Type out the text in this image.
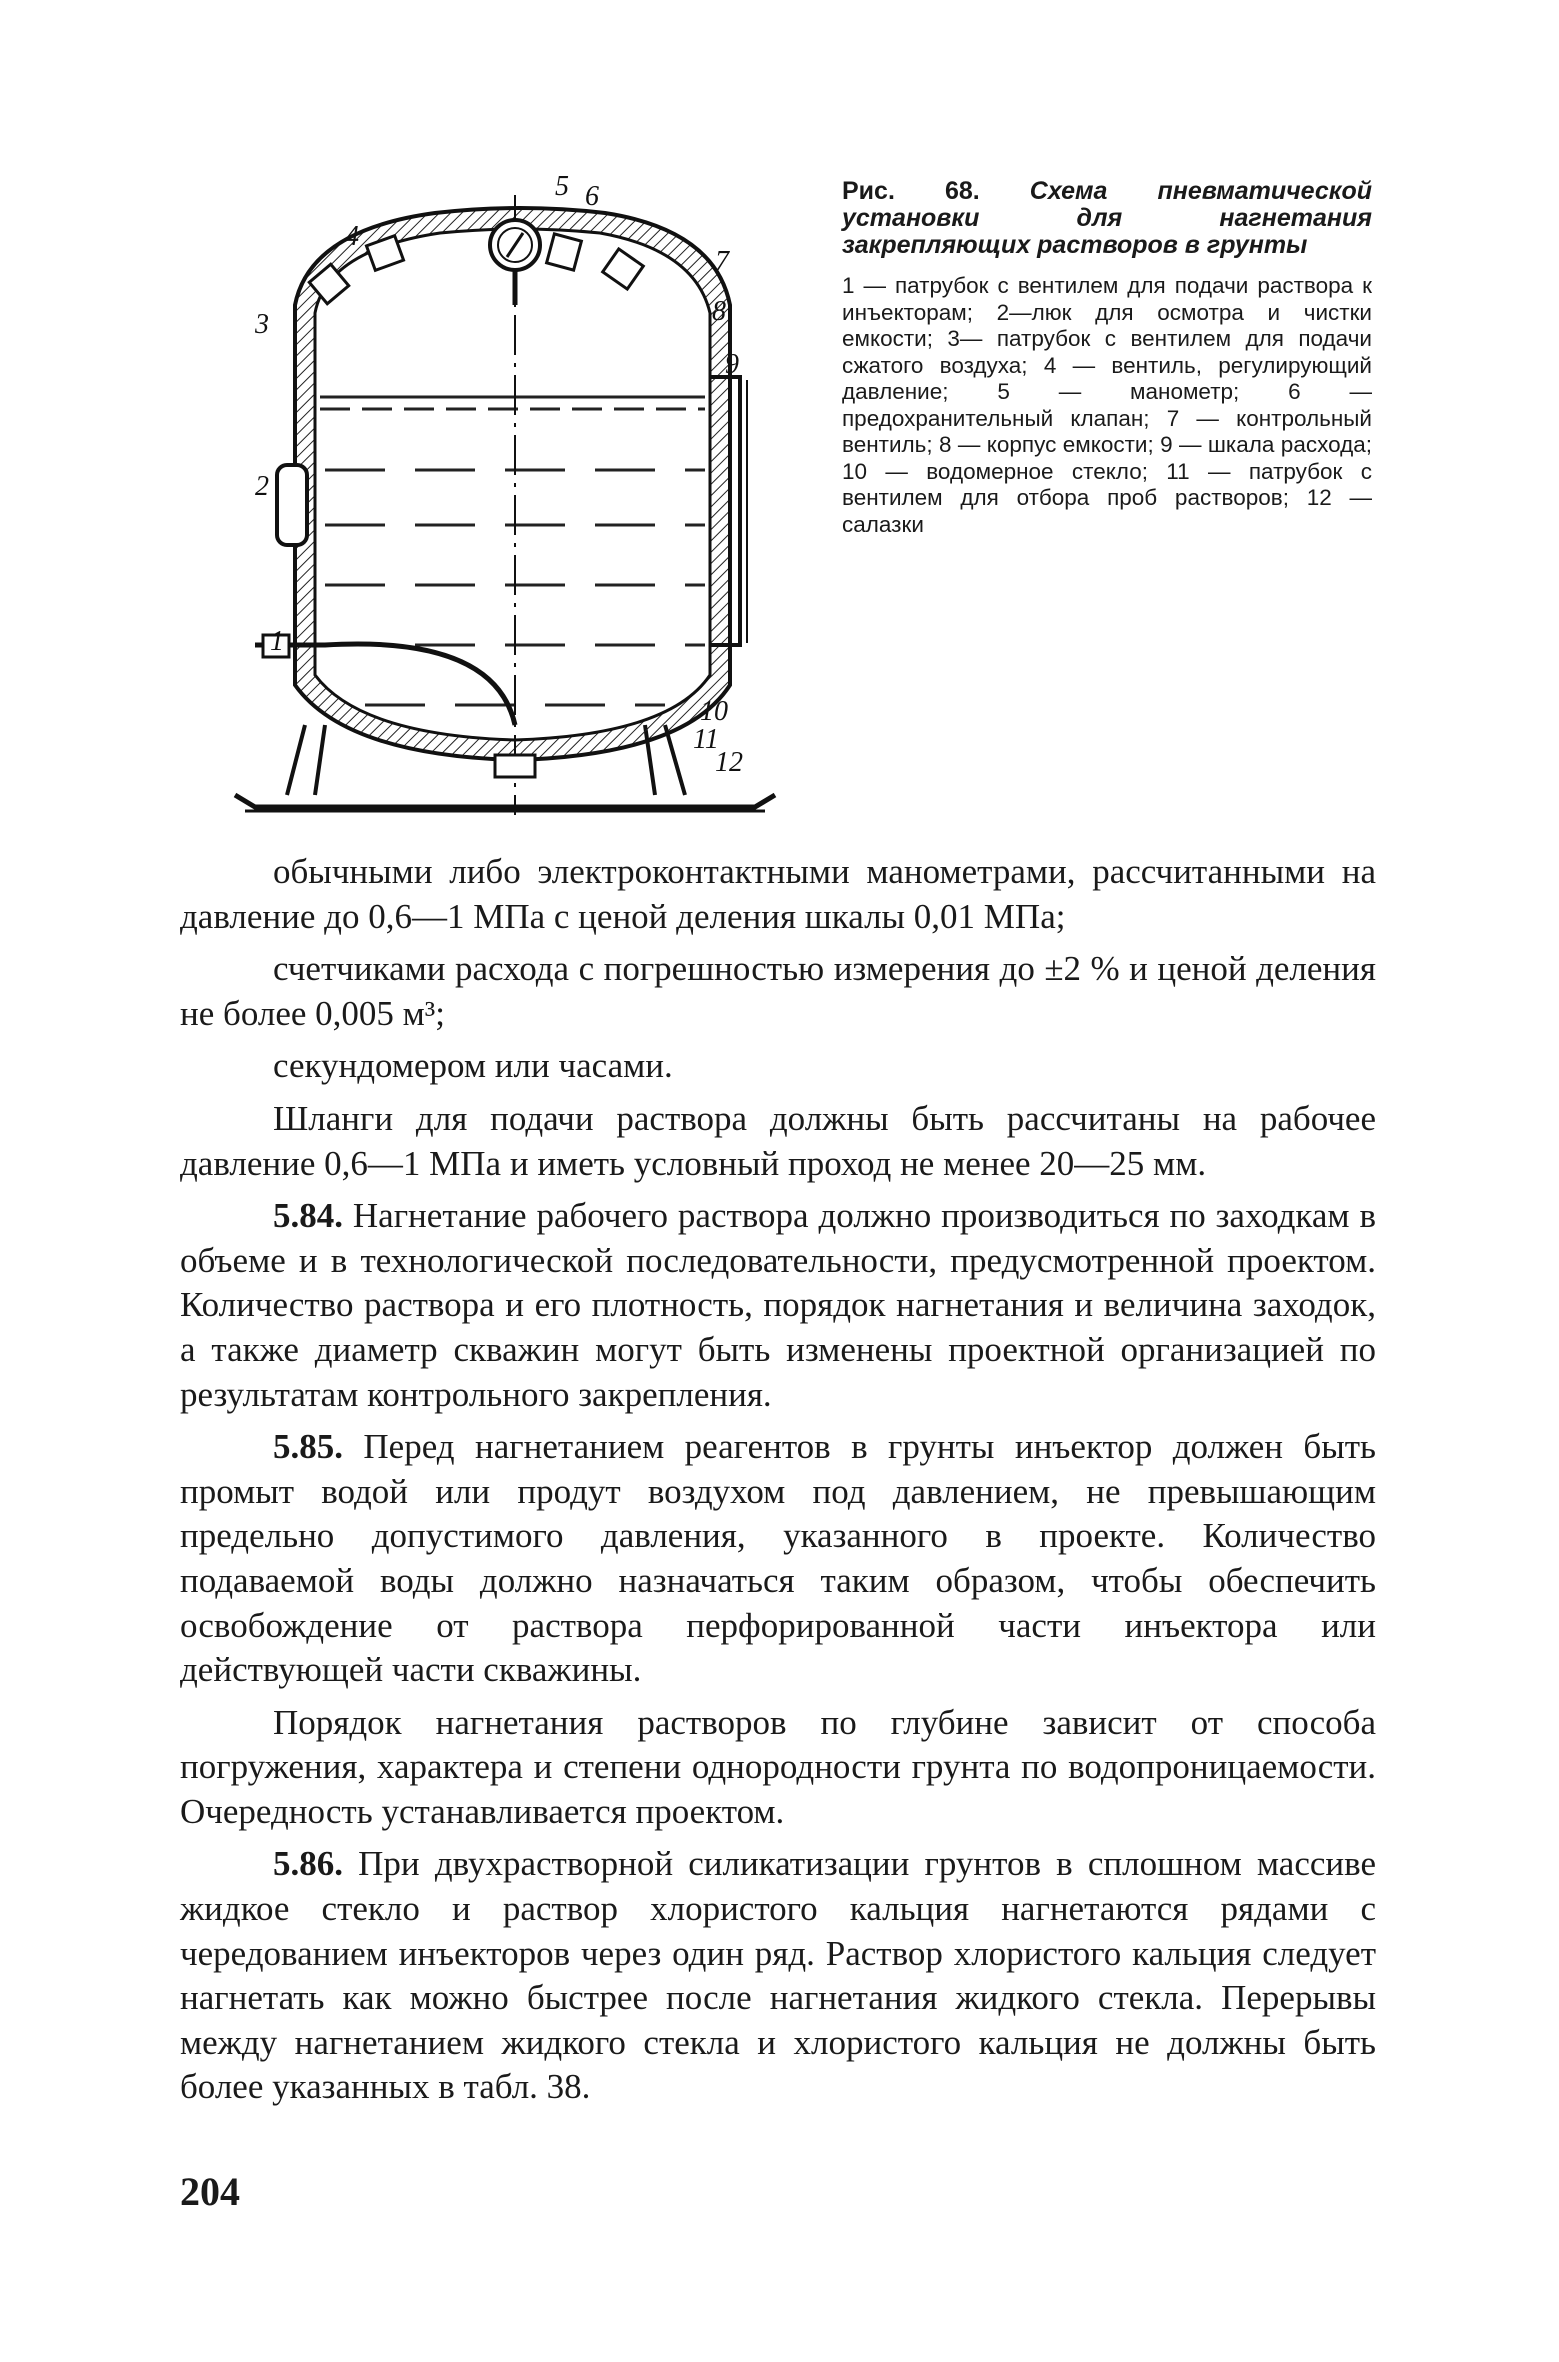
1
2
3
4
5 6
7
8
9
10
11
12

Рис. 68. Схема пневматической установки для нагнетания закрепляющих растворов в грунты

1 — патрубок с вентилем для подачи раствора к инъекторам; 2—люк для осмотра и чистки емкости; 3— патрубок с вентилем для подачи сжатого воздуха; 4 — вентиль, регулирующий давление; 5 — манометр; 6 — предохранительный клапан; 7 — контрольный вентиль; 8 — корпус емкости; 9 — шкала расхода; 10 — водомерное стекло; 11 — патрубок с вентилем для отбора проб растворов; 12 — салазки

обычными либо электроконтактными манометрами, рассчитанными на давление до 0,6—1 МПа с ценой деления шкалы 0,01 МПа;

счетчиками расхода с погрешностью измерения до ±2 % и ценой деления не более 0,005 м³;

секундомером или часами.

Шланги для подачи раствора должны быть рассчитаны на рабочее давление 0,6—1 МПа и иметь условный проход не менее 20—25 мм.

5.84. Нагнетание рабочего раствора должно производиться по заходкам в объеме и в технологической последовательности, предусмотренной проектом. Количество раствора и его плотность, порядок нагнетания и величина заходок, а также диаметр скважин могут быть изменены проектной организацией по результатам контрольного закрепления.

5.85. Перед нагнетанием реагентов в грунты инъектор должен быть промыт водой или продут воздухом под давлением, не превышающим предельно допустимого давления, указанного в проекте. Количество подаваемой воды должно назначаться таким образом, чтобы обеспечить освобождение от раствора перфорированной части инъектора или действующей части скважины.

Порядок нагнетания растворов по глубине зависит от способа погружения, характера и степени однородности грунта по водопроницаемости. Очередность устанавливается проектом.

5.86. При двухрастворной силикатизации грунтов в сплошном массиве жидкое стекло и раствор хлористого кальция нагнетаются рядами с чередованием инъекторов через один ряд. Раствор хлористого кальция следует нагнетать как можно быстрее после нагнетания жидкого стекла. Перерывы между нагнетанием жидкого стекла и хлористого кальция не должны быть более указанных в табл. 38.

204
